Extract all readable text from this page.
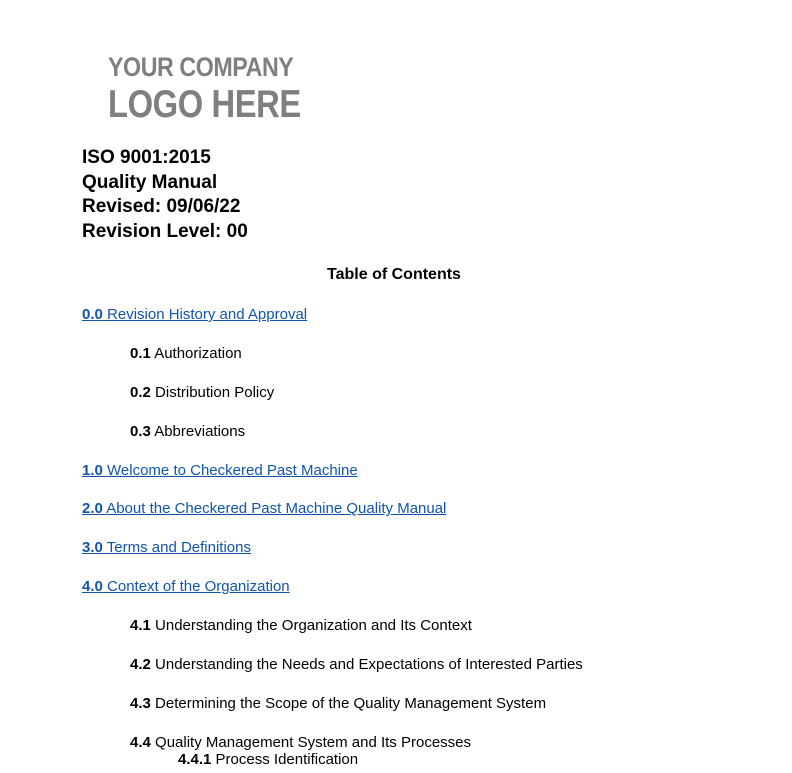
YOUR COMPANY
LOGO HERE
ISO 9001:2015
Quality Manual
Revised: 09/06/22
Revision Level: 00
Table of Contents
0.0 Revision History and Approval
0.1 Authorization
0.2 Distribution Policy
0.3 Abbreviations
1.0 Welcome to Checkered Past Machine
2.0 About the Checkered Past Machine Quality Manual
3.0 Terms and Definitions
4.0 Context of the Organization
4.1 Understanding the Organization and Its Context
4.2 Understanding the Needs and Expectations of Interested Parties
4.3 Determining the Scope of the Quality Management System
4.4 Quality Management System and Its Processes
4.4.1 Process Identification
